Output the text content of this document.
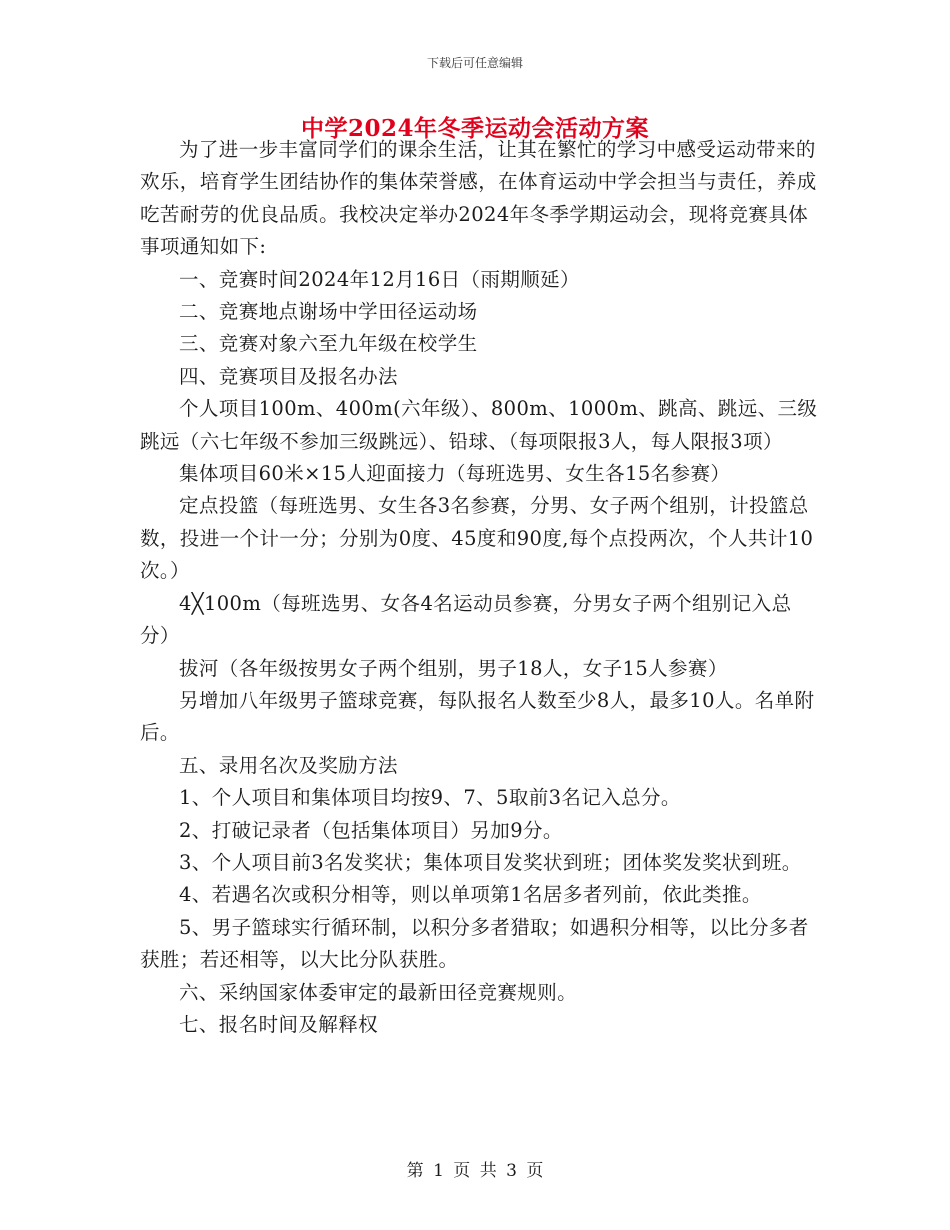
下载后可任意编辑
中学2024年冬季运动会活动方案

为了进一步丰富同学们的课余生活，让其在繁忙的学习中感受运动带来的欢乐，培育学生团结协作的集体荣誉感，在体育运动中学会担当与责任，养成吃苦耐劳的优良品质。我校决定举办2024年冬季学期运动会，现将竞赛具体事项通知如下:

一、竞赛时间2024年12月16日（雨期顺延）

二、竞赛地点谢场中学田径运动场

三、竞赛对象六至九年级在校学生

四、竞赛项目及报名办法

个人项目100m、400m(六年级）、800m、1000m、跳高、跳远、三级跳远（六七年级不参加三级跳远）、铅球、（每项限报3人，每人限报3项）

集体项目60米×15人迎面接力（每班选男、女生各15名参赛）

定点投篮（每班选男、女生各3名参赛，分男、女子两个组别，计投篮总数，投进一个计一分；分别为0度、45度和90度,每个点投两次，个人共计10次。）

4╳100m（每班选男、女各4名运动员参赛，分男女子两个组别记入总分）

拔河（各年级按男女子两个组别，男子18人，女子15人参赛）

另增加八年级男子篮球竞赛，每队报名人数至少8人，最多10人。名单附后。

五、录用名次及奖励方法

1、个人项目和集体项目均按9、7、5取前3名记入总分。

2、打破记录者（包括集体项目）另加9分。

3、个人项目前3名发奖状；集体项目发奖状到班；团体奖发奖状到班。

4、若遇名次或积分相等，则以单项第1名居多者列前，依此类推。

5、男子篮球实行循环制，以积分多者猎取；如遇积分相等，以比分多者获胜；若还相等，以大比分队获胜。

六、采纳国家体委审定的最新田径竞赛规则。

七、报名时间及解释权

第 1 页 共 3 页
